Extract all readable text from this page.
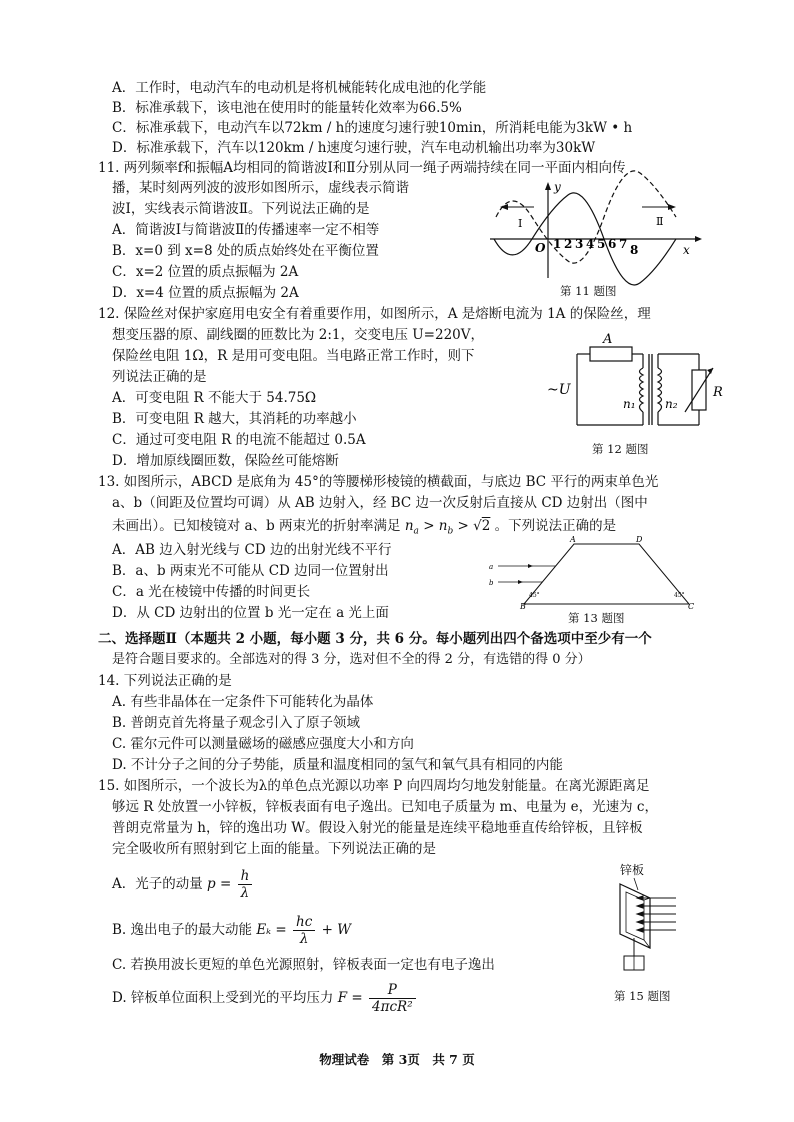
A．工作时，电动汽车的电动机是将机械能转化成电池的化学能
B．标准承载下，该电池在使用时的能量转化效率为66.5%
C．标准承载下，电动汽车以72km / h的速度匀速行驶10min，所消耗电能为3kW • h
D．标准承载下，汽车以120km / h速度匀速行驶，汽车电动机输出功率为30kW
11. 两列频率f和振幅A均相同的简谐波Ⅰ和Ⅱ分别从同一绳子两端持续在同一平面内相向传
播，某时刻两列波的波形如图所示，虚线表示简谐
波Ⅰ，实线表示简谐波Ⅱ。下列说法正确的是
A．简谐波Ⅰ与简谐波Ⅱ的传播速率一定不相等
B．x=0 到 x=8 处的质点始终处在平衡位置
C．x=2 位置的质点振幅为 2A
D．x=4 位置的质点振幅为 2A
y
x
O
Ⅰ	Ⅱ
1 2 3 4 5 6 7 8
第 11 题图
12. 保险丝对保护家庭用电安全有着重要作用，如图所示，A 是熔断电流为 1A 的保险丝，理
想变压器的原、副线圈的匝数比为 2:1，交变电压 U=220V，
保险丝电阻 1Ω，R 是用可变电阻。当电路正常工作时，则下
列说法正确的是
A．可变电阻 R 不能大于 54.75Ω
B．可变电阻 R 越大，其消耗的功率越小
C．通过可变电阻 R 的电流不能超过 0.5A
D．增加原线圈匝数，保险丝可能熔断
A
~U
n₁ n₂
R
第 12 题图
13. 如图所示，ABCD 是底角为 45°的等腰梯形棱镜的横截面，与底边 BC 平行的两束单色光
a、b（间距及位置均可调）从 AB 边射入，经 BC 边一次反射后直接从 CD 边射出（图中
未画出）。已知棱镜对 a、b 两束光的折射率满足 $n_a > n_b > √2$ 。下列说法正确的是
A．AB 边入射光线与 CD 边的出射光线不平行
B．a、b 两束光不可能从 CD 边同一位置射出
C．a 光在棱镜中传播的时间更长
D．从 CD 边射出的位置 b 光一定在 a 光上面
A	D
B	C
45°	45°
a
b
第 13 题图
二、选择题Ⅱ（本题共 2 小题，每小题 3 分，共 6 分。每小题列出四个备选项中至少有一个
是符合题目要求的。全部选对的得 3 分，选对但不全的得 2 分，有选错的得 0 分）
14. 下列说法正确的是
A. 有些非晶体在一定条件下可能转化为晶体
B. 普朗克首先将量子观念引入了原子领域
C. 霍尔元件可以测量磁场的磁感应强度大小和方向
D. 不计分子之间的分子势能，质量和温度相同的氢气和氧气具有相同的内能
15. 如图所示，一个波长为λ的单色点光源以功率 P 向四周均匀地发射能量。在离光源距离足
够远 R 处放置一小锌板，锌板表面有电子逸出。已知电子质量为 m、电量为 e，光速为 c，
普朗克常量为 h，锌的逸出功 W。假设入射光的能量是连续平稳地垂直传给锌板，且锌板
完全吸收所有照射到它上面的能量。下列说法正确的是
A．光子的动量 $p = \frac{h}{\lambda}$
B. 逸出电子的最大动能 $E_k = \frac{hc}{\lambda} + W$
C. 若换用波长更短的单色光源照射，锌板表面一定也有电子逸出
D. 锌板单位面积上受到光的平均压力 $F = \frac{P}{\text{4πcR²}}$
锌板
第 15 题图
物理试卷　第 3页　共 7 页
